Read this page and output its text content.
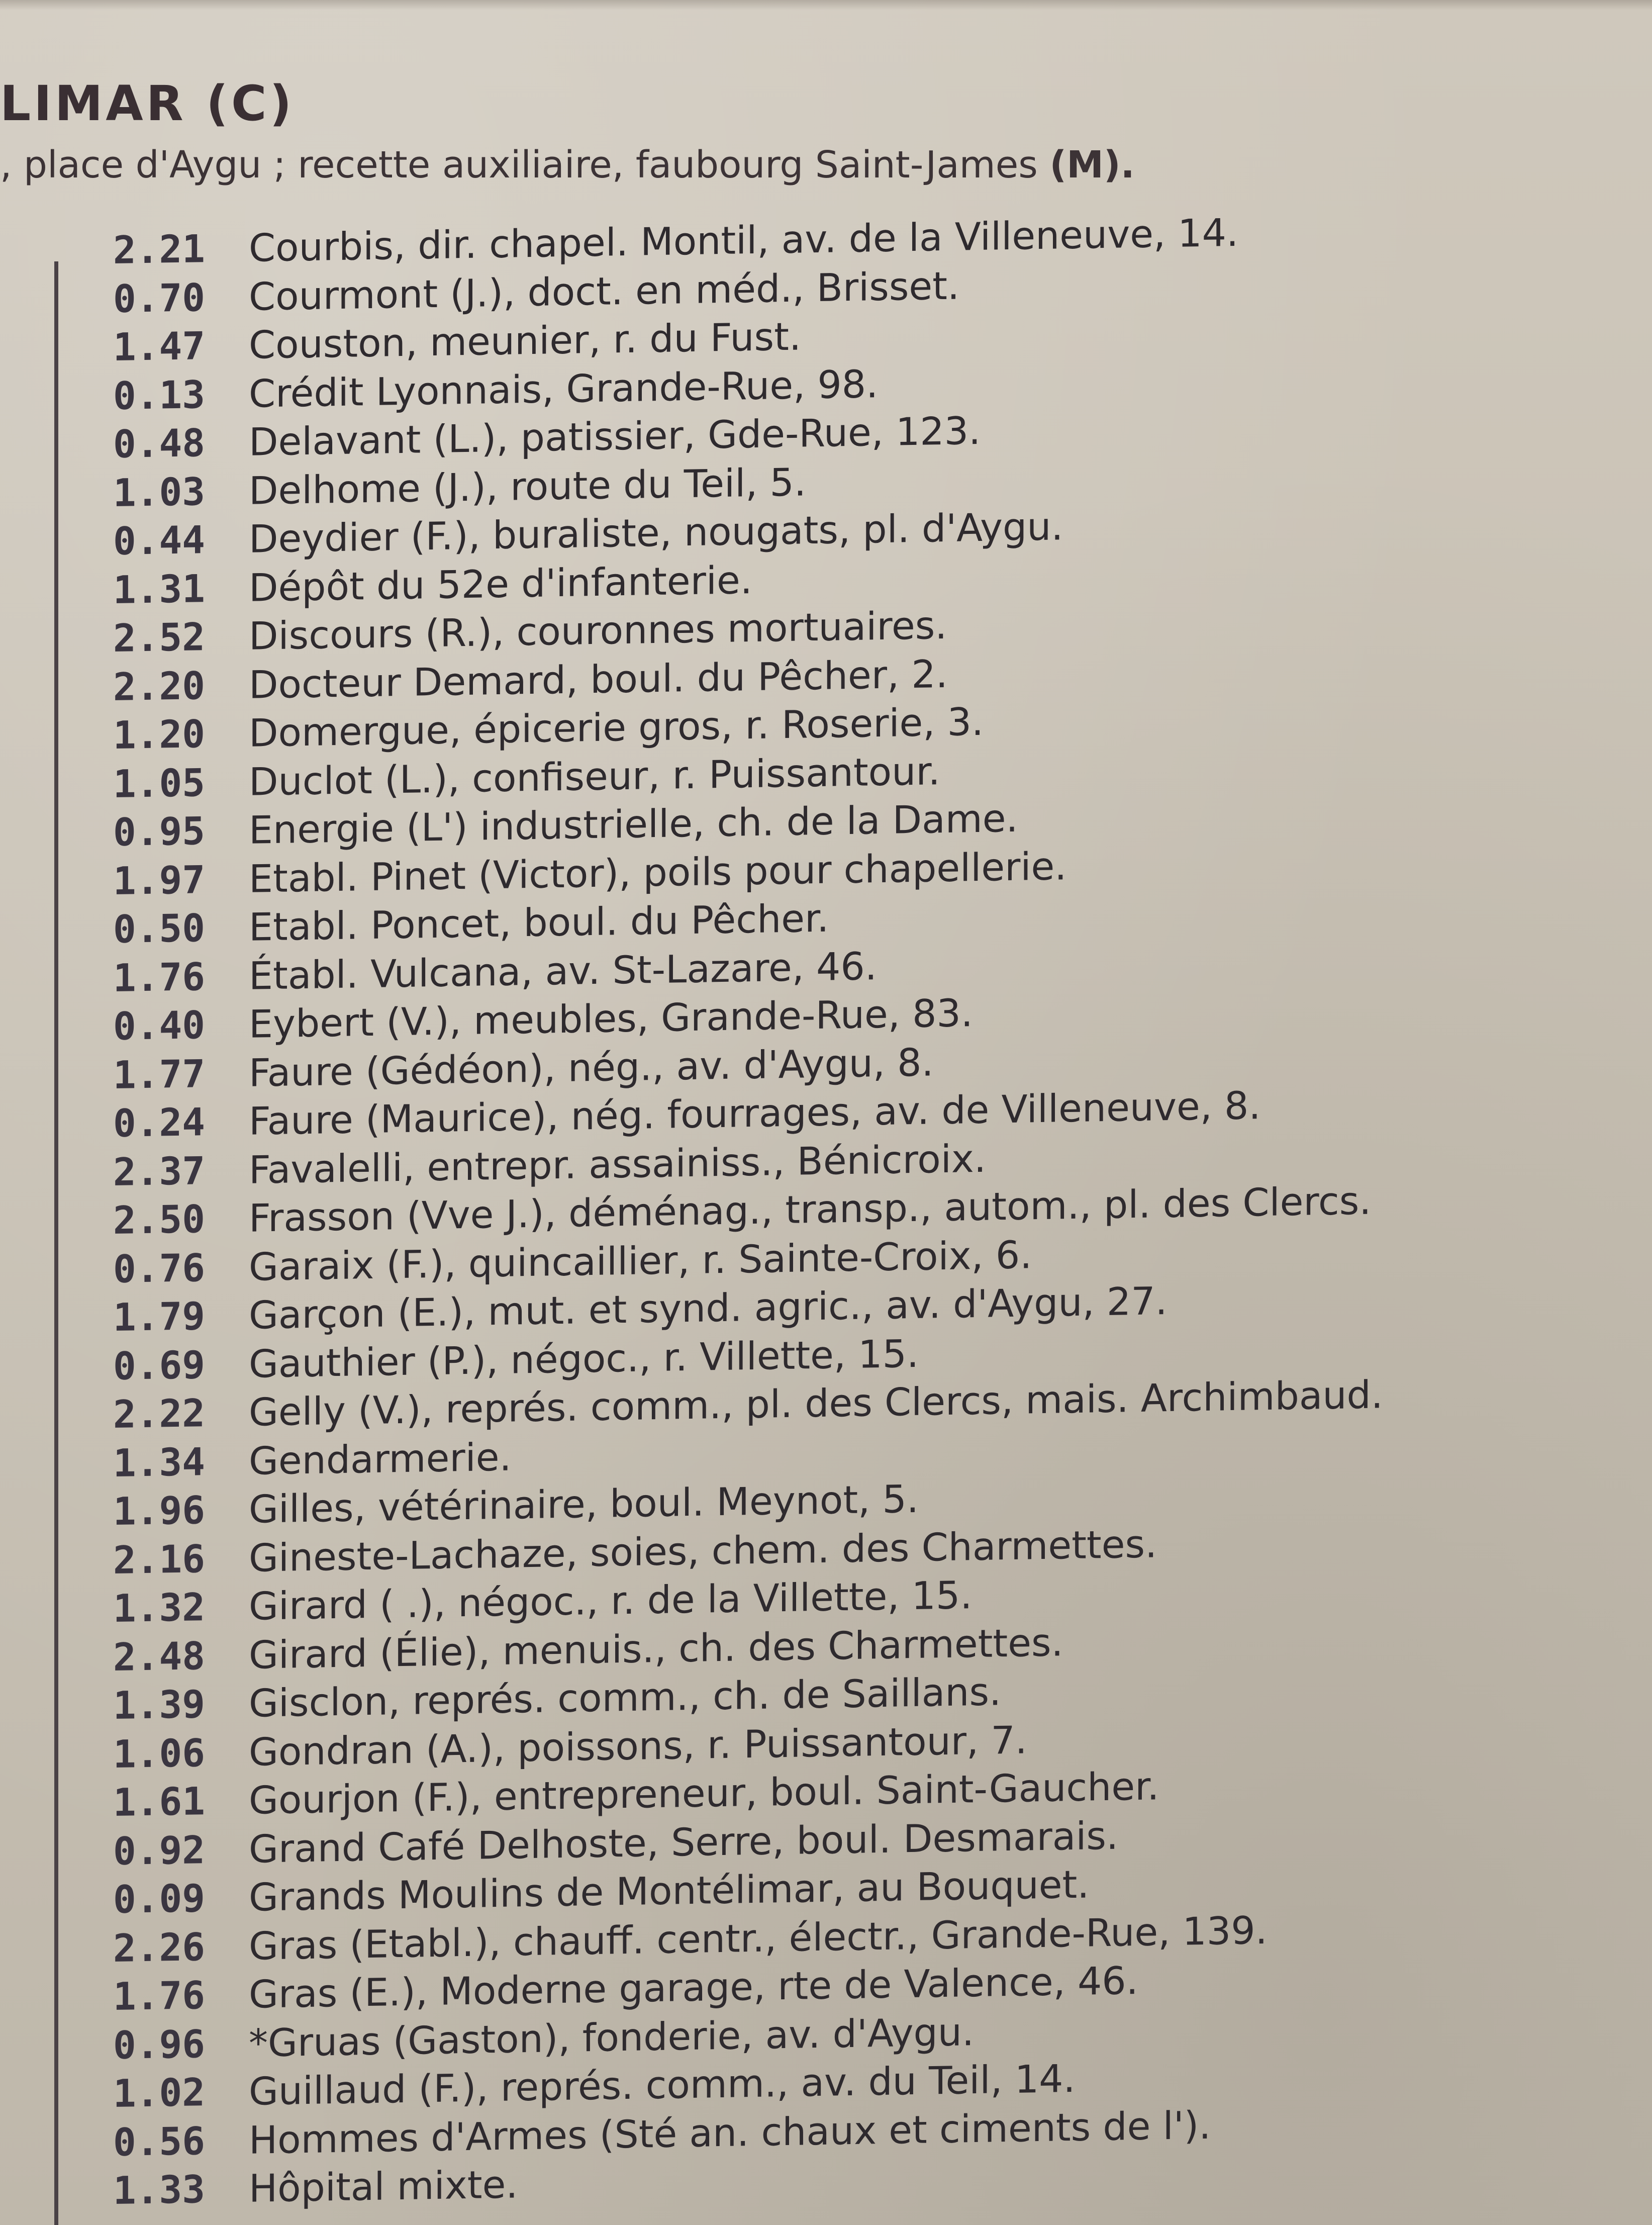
LIMAR (C)
, place d'Aygu ; recette auxiliaire, faubourg Saint-James (M).
2.21 Courbis, dir. chapel. Montil, av. de la Villeneuve, 14.
0.70 Courmont (J.), doct. en méd., Brisset.
1.47 Couston, meunier, r. du Fust.
0.13 Crédit Lyonnais, Grande-Rue, 98.
0.48 Delavant (L.), patissier, Gde-Rue, 123.
1.03 Delhome (J.), route du Teil, 5.
0.44 Deydier (F.), buraliste, nougats, pl. d'Aygu.
1.31 Dépôt du 52e d'infanterie.
2.52 Discours (R.), couronnes mortuaires.
2.20 Docteur Demard, boul. du Pêcher, 2.
1.20 Domergue, épicerie gros, r. Roserie, 3.
1.05 Duclot (L.), confiseur, r. Puissantour.
0.95 Energie (L') industrielle, ch. de la Dame.
1.97 Etabl. Pinet (Victor), poils pour chapellerie.
0.50 Etabl. Poncet, boul. du Pêcher.
1.76 Établ. Vulcana, av. St-Lazare, 46.
0.40 Eybert (V.), meubles, Grande-Rue, 83.
1.77 Faure (Gédéon), nég., av. d'Aygu, 8.
0.24 Faure (Maurice), nég. fourrages, av. de Villeneuve, 8.
2.37 Favalelli, entrepr. assainiss., Bénicroix.
2.50 Frasson (Vve J.), déménag., transp., autom., pl. des Clercs.
0.76 Garaix (F.), quincaillier, r. Sainte-Croix, 6.
1.79 Garçon (E.), mut. et synd. agric., av. d'Aygu, 27.
0.69 Gauthier (P.), négoc., r. Villette, 15.
2.22 Gelly (V.), représ. comm., pl. des Clercs, mais. Archimbaud.
1.34 Gendarmerie.
1.96 Gilles, vétérinaire, boul. Meynot, 5.
2.16 Gineste-Lachaze, soies, chem. des Charmettes.
1.32 Girard ( .), négoc., r. de la Villette, 15.
2.48 Girard (Élie), menuis., ch. des Charmettes.
1.39 Gisclon, représ. comm., ch. de Saillans.
1.06 Gondran (A.), poissons, r. Puissantour, 7.
1.61 Gourjon (F.), entrepreneur, boul. Saint-Gaucher.
0.92 Grand Café Delhoste, Serre, boul. Desmarais.
0.09 Grands Moulins de Montélimar, au Bouquet.
2.26 Gras (Etabl.), chauff. centr., électr., Grande-Rue, 139.
1.76 Gras (E.), Moderne garage, rte de Valence, 46.
0.96 *Gruas (Gaston), fonderie, av. d'Aygu.
1.02 Guillaud (F.), représ. comm., av. du Teil, 14.
0.56 Hommes d'Armes (Sté an. chaux et ciments de l').
1.33 Hôpital mixte.
